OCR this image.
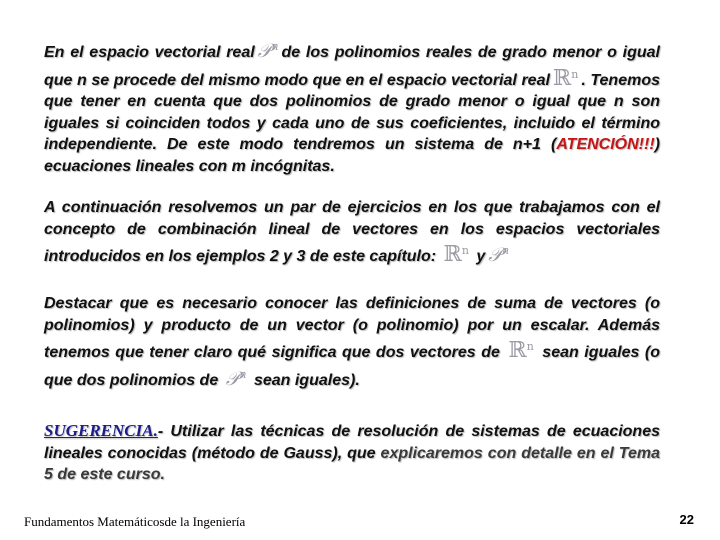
En el espacio vectorial real 𝒫$^n$ de los polinomios reales de grado menor o igual que n se procede del mismo modo que en el espacio vectorial real ℝ$^n$ . Tenemos que tener en cuenta que dos polinomios de grado menor o igual que n son iguales si coinciden todos y cada uno de sus coeficientes, incluido el término independiente. De este modo tendremos un sistema de n+1 (ATENCIÓN!!!) ecuaciones lineales con m incógnitas.

A continuación resolvemos un par de ejercicios en los que trabajamos con el concepto de combinación lineal de vectores en los espacios vectoriales introducidos en los ejemplos 2 y 3 de este capítulo: ℝ$^n$ y 𝒫$^n$

Destacar que es necesario conocer las definiciones de suma de vectores (o polinomios) y producto de un vector (o polinomio) por un escalar. Además tenemos que tener claro qué significa que dos vectores de ℝ$^n$ sean iguales (o que dos polinomios de 𝒫$^n$ sean iguales).

SUGERENCIA.- Utilizar las técnicas de resolución de sistemas de ecuaciones lineales conocidas (método de Gauss), que explicaremos con detalle en el Tema 5 de este curso.

Fundamentos Matemáticosde la Ingeniería	22
